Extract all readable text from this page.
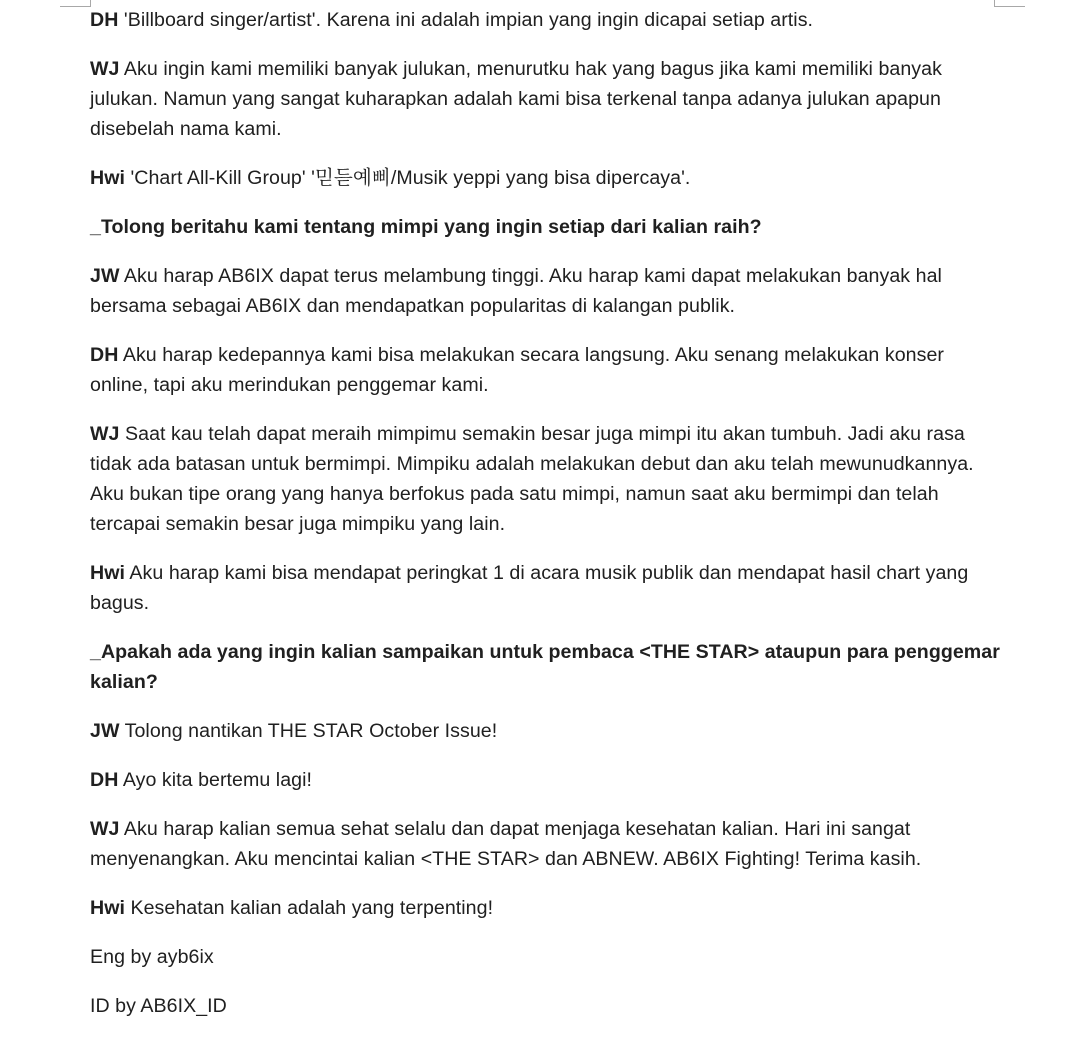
DH 'Billboard singer/artist'. Karena ini adalah impian yang ingin dicapai setiap artis.

WJ Aku ingin kami memiliki banyak julukan, menurutku hak yang bagus jika kami memiliki banyak julukan. Namun yang sangat kuharapkan adalah kami bisa terkenal tanpa adanya julukan apapun disebelah nama kami.

Hwi 'Chart All-Kill Group' '믿듣예삐/Musik yeppi yang bisa dipercaya'.

_Tolong beritahu kami tentang mimpi yang ingin setiap dari kalian raih?

JW Aku harap AB6IX dapat terus melambung tinggi. Aku harap kami dapat melakukan banyak hal bersama sebagai AB6IX dan mendapatkan popularitas di kalangan publik.

DH Aku harap kedepannya kami bisa melakukan secara langsung. Aku senang melakukan konser online, tapi aku merindukan penggemar kami.

WJ Saat kau telah dapat meraih mimpimu semakin besar juga mimpi itu akan tumbuh. Jadi aku rasa tidak ada batasan untuk bermimpi. Mimpiku adalah melakukan debut dan aku telah mewunudkannya. Aku bukan tipe orang yang hanya berfokus pada satu mimpi, namun saat aku bermimpi dan telah tercapai semakin besar juga mimpiku yang lain.

Hwi Aku harap kami bisa mendapat peringkat 1 di acara musik publik dan mendapat hasil chart yang bagus.

_Apakah ada yang ingin kalian sampaikan untuk pembaca <THE STAR> ataupun para penggemar kalian?

JW Tolong nantikan THE STAR October Issue!

DH Ayo kita bertemu lagi!

WJ Aku harap kalian semua sehat selalu dan dapat menjaga kesehatan kalian. Hari ini sangat menyenangkan. Aku mencintai kalian <THE STAR> dan ABNEW. AB6IX Fighting! Terima kasih.

Hwi Kesehatan kalian adalah yang terpenting!

Eng by ayb6ix

ID by AB6IX_ID
